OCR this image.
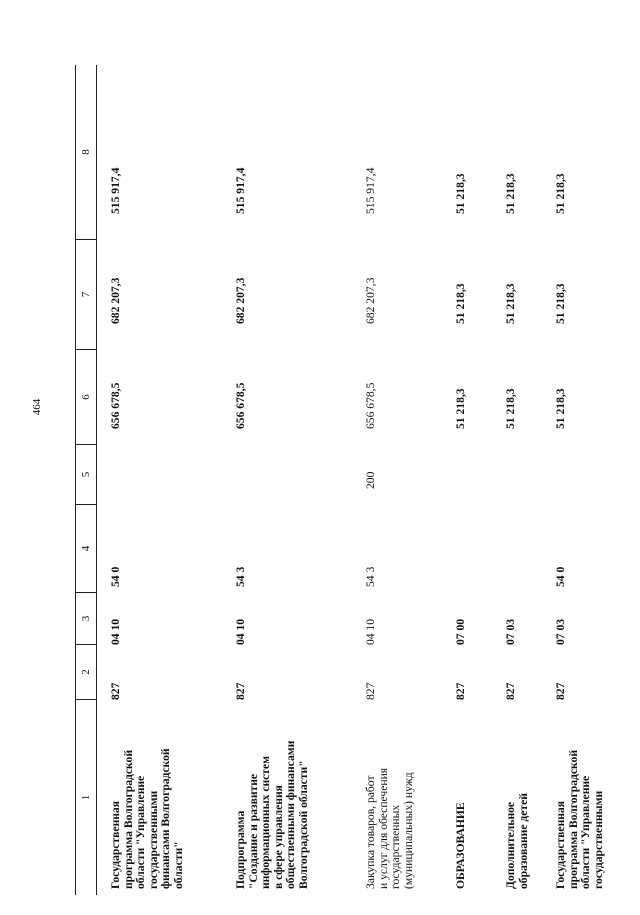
464
1
2
3
4
5
6
7
8
Государственная программа Волгоградской области "Управление государственными финансами Волгоградской области"
827
04 10
54 0
656 678,5
682 207,3
515 917,4
Подпрограмма "Создание и развитие информационных систем в сфере управления общественными финансами Волгоградской области"
827
04 10
54 3
656 678,5
682 207,3
515 917,4
Закупка товаров, работ и услуг для обеспечения государственных (муниципальных) нужд
827
04 10
54 3
200
656 678,5
682 207,3
515 917,4
ОБРАЗОВАНИЕ
827
07 00
51 218,3
51 218,3
51 218,3
Дополнительное образование детей
827
07 03
51 218,3
51 218,3
51 218,3
Государственная программа Волгоградской области "Управление государственными
827
07 03
54 0
51 218,3
51 218,3
51 218,3
